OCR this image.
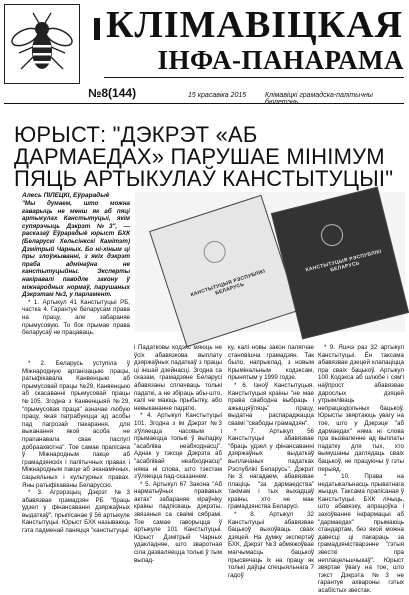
КЛІМАВІЦКАЯ
ІНФА-ПАНАРАМА
№8(144)	15 красавіка 2015	Клімавіцкі грамадска-палітычны
ЮРЫСТ: "ДЭКРЭТ «АБ ДАРМАЕДАХ» ПАРУШАЕ МІНІМУМ ПЯЦЬ АРТЫКУЛАЎ КАНСТЫТУЦЫІ"
Алесь ПІЛЕЦКІ, Еўрарадыё

"Мы думаем, што можна гаварыць не менш як аб пяці артыкулах Канстытуцыі, якім супярэчыць Дэкрэт №3", — расказаў Еўрарадыё юрыст БХК (Беларускі Хельсінкскі Камітэт) Дзмітрый Чарных. Бо ні-хіным ці пры злоўжыванні, з якіх дэкрэт праба адмінаўна не канстытуцыйны. Эксперты накіравалі паводле закону ў міжнародных нормаў, парушаных Дэкрэтам №3, у парламент.

* 1. Артыкул 41 Канстытуцыі РБ, частка 4. Гарантуе беларусам права на працу, але забараняе прымусовую. То бок прымае права беларусаў не працаваць.

КАНСТЫТУЦЫЯ РЭСПУБЛІКІ БЕЛАРУСЬ
КАНСТЫТУЦЫЯ РЭСПУБЛІКІ БЕЛАРУСЬ

* 2. Беларусь уступіла ў Міжнародную арганізацыю працы, ратыфікавала Канвенцыю аб прымусовай працы №29, Канвенцыю аб скасаванні прымусовай працы №105. Згодна з Канвенцыяй №29, "прымусовая праца" азначае любую працу, якая патрабуецца ад асобы пад пагрозай пакарання, для выканання якой асоба не прапанавала свае паслугі добраахвотна". Тое самае прапісана ў Міжнародным пакце аб грамадзянскіх і палітычных правах і Міжнародным пакце аб эканамічных, сацыяльных і культурных правах. Яны ратыфікаваны Беларуссю.

* 3. Агрэрэцыц Дэкрэт №3 абавязвае грамадзян РБ "браць удзел у фінансаванні дзяржаўных выдаткаў", прыпісанае ў 56 артыкуле Канстытуцыі. Юрыст БХК называюць гэта падменай паняцця "канстытуцыі

і Падатковы кодэкс мяюць не ўсіх абавязкова выплату дзяржаўных падаткаў з працы ці іншай дзейнасці. Згодна са сказам, грамадзяне Беларусі абавязаны сплачваць толькі падаткі, а не збіраць абы-што, калі не маюць прыбытку, або невыкананне падаткі.

* 4. Артыкул Канстытуцыі 101. Згодна з ім Дэкрэт №3 з'ўляецца часовым і прымаецца толькі ў выпадку "асабліва неабходнасці". Аднак у тэксце Дэкрэта аб "асаблівай неабходнасці" няма ні слова, што тэкстам з'ўляецца пад-сказаннем.

* 5. Артыкул 67 Закона "Аб нарматыўных прававых актах" забараняе кіраўніку краіны падпісваць дэкрэты, звязаныя са сваімі сябрамі. Тое самае гаворыцца ў артыкуле 101 Канстытуцыі. Юрыст Дзмітрый Чарных удакладняе, што зваротная сіла дазваляецца толькі ў тым выпад-

ку, калі новы закон палягчае становішча грамадзян. Так было, напрыклад, з новым Крымінальным кодэксам, прынятым у 1999 годзе.

* 6. Ізноў Канстытуцыя. Канстытуцыя краіны "не мае права свабодна выбраць і ажыццяўляць" працу, выдатна распараджацца сваімі "свабоды грамадзян".

* 7. Артыкул 56 Канстытуцыі абавязвае "браць удзел у фінансаванні дзяржаўных выдаткаў выплачаных падатках Рэспублікі Беларусь". Дэкрэт №3, нагадаем, абавязвае плаціць "за дармаедства" такімам і тых выхадцаў краіны, хто не мае грамадзянства Беларусі.

* 8. Артыкул 32 Канстытуцыі абавязвае бацькоў выхоўваць сваіх дзяцей. На думку экспертаў БХК, Дэкрэт №3 абмяжоўвае магчымасць бацькоў прысвячаць іх на працу як толькі даўцы спецыяльнага 7 гадоў

* 9. Яшчэ раз 32 артыкул Канстытуцыі. Ён таксама абавязвае дзецей клапаціцца пра сваіх бацькоў. Артыкул 100 Кодэкса аб шлюбе і сям'і наўпрост абавязвае дарослых дзяцей утрымліваць непрацаздольных бацькоў. Юрысты звяртаюць увагу на тое, што у Дэкрэце "аб дармаедах" няма ні слова пра вызваленне ад выплаты падатку для тых, хто вымушаны даглядаць сваіх бацькоў, не працуючы ў гэты перыяд.

* 10. Права на недатыкальнасць прыватнага жыцця. Таксама прапісаная ў Канстытуцыі. БХК лічыць, што абавязку, апрацоўка і захоўванне інфармацыі аб "дармаедах" прымаюць стандартам, без якой можна давесці ці пакараць за грамадзяністварэнне "гэтыя звесткі пра неплацельшчыкаў". Юрыст звяртае ўвагу на тое, што тэкст Дэкрэта №3 не гарантуе ахвароны гэтых асабістых звестак.
